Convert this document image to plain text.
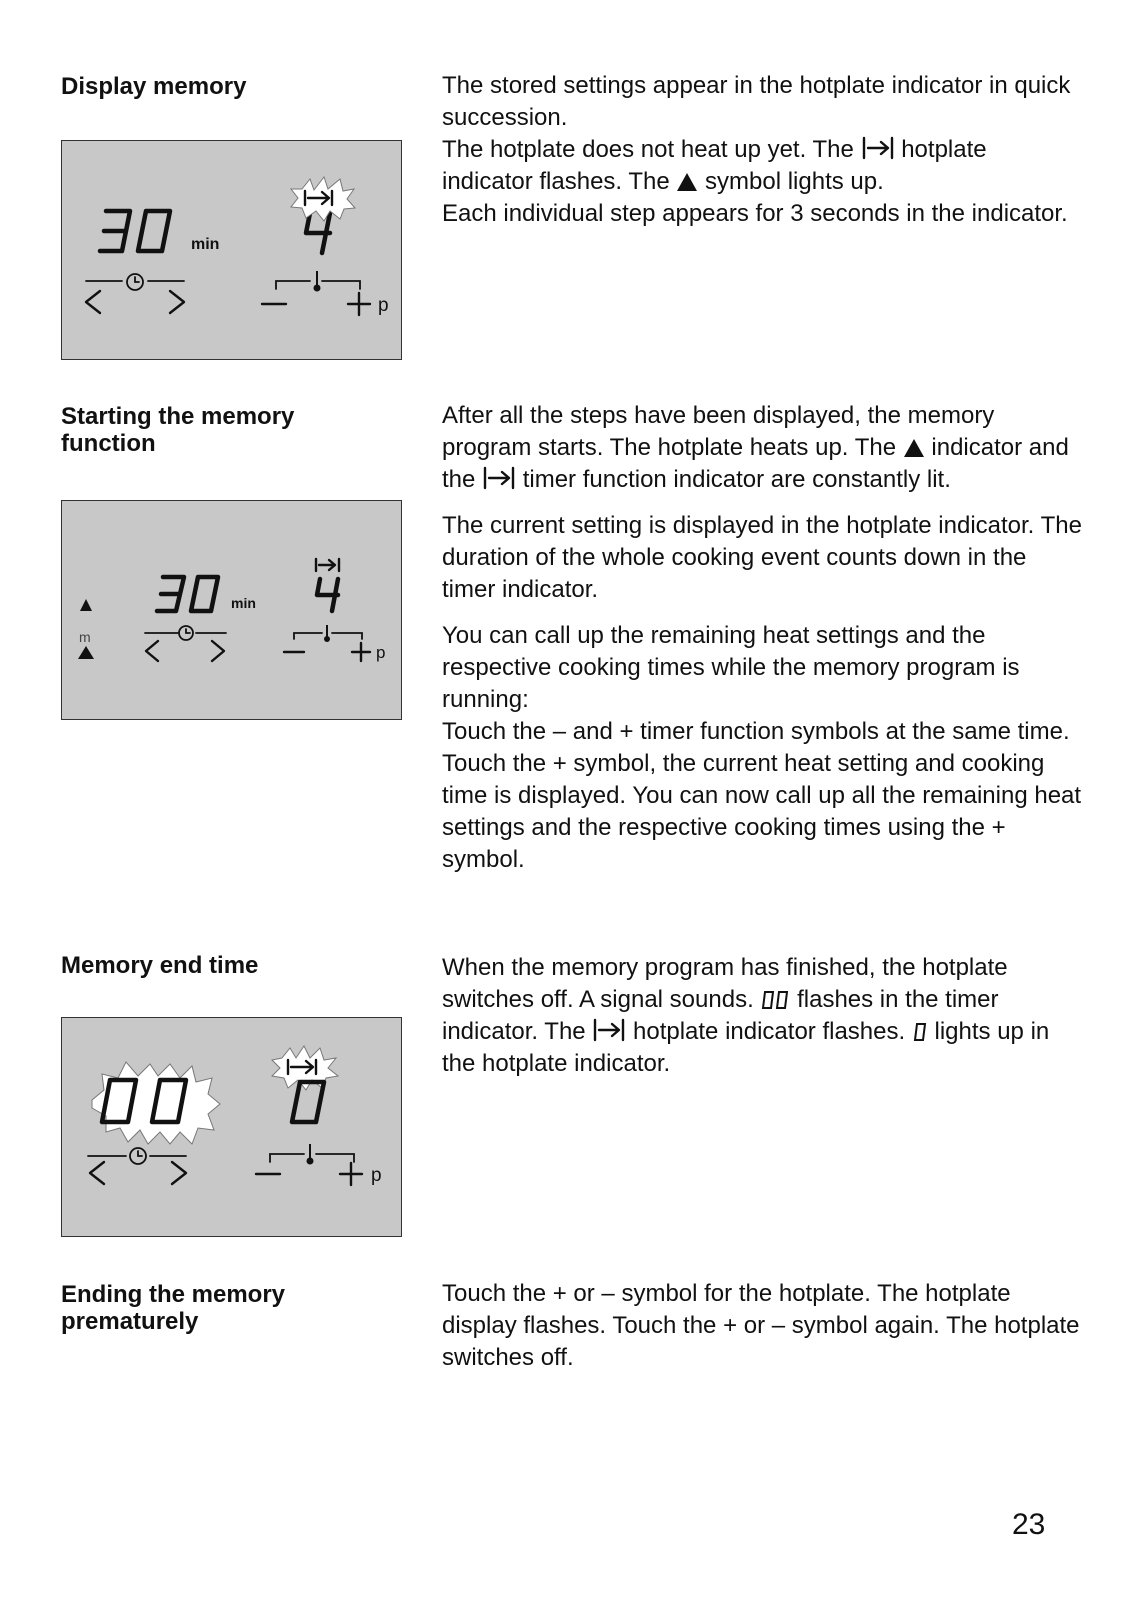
Display memory
min
p

The stored settings appear in the hotplate indicator in quick succession.
The hotplate does not heat up yet. The  hotplate indicator flashes. The  symbol lights up.
Each individual step appears for 3 seconds in the indicator.

Starting the memory function
m
min
p

After all the steps have been displayed, the memory program starts. The hotplate heats up. The  indicator and the  timer function indicator are constantly lit.

The current setting is displayed in the hotplate indicator. The duration of the whole cooking event counts down in the timer indicator.

You can call up the remaining heat settings and the respective cooking times while the memory program is running:
Touch the – and + timer function symbols at the same time.
Touch the + symbol, the current heat setting and cooking time is displayed. You can now call up all the remaining heat settings and the respective cooking times using the + symbol.

Memory end time
p

When the memory program has finished, the hotplate switches off. A signal sounds.  flashes in the timer indicator. The  hotplate indicator flashes.  lights up in the hotplate indicator.

Ending the memory prematurely

Touch the + or – symbol for the hotplate. The hotplate display flashes. Touch the + or – symbol again. The hotplate switches off.

23
